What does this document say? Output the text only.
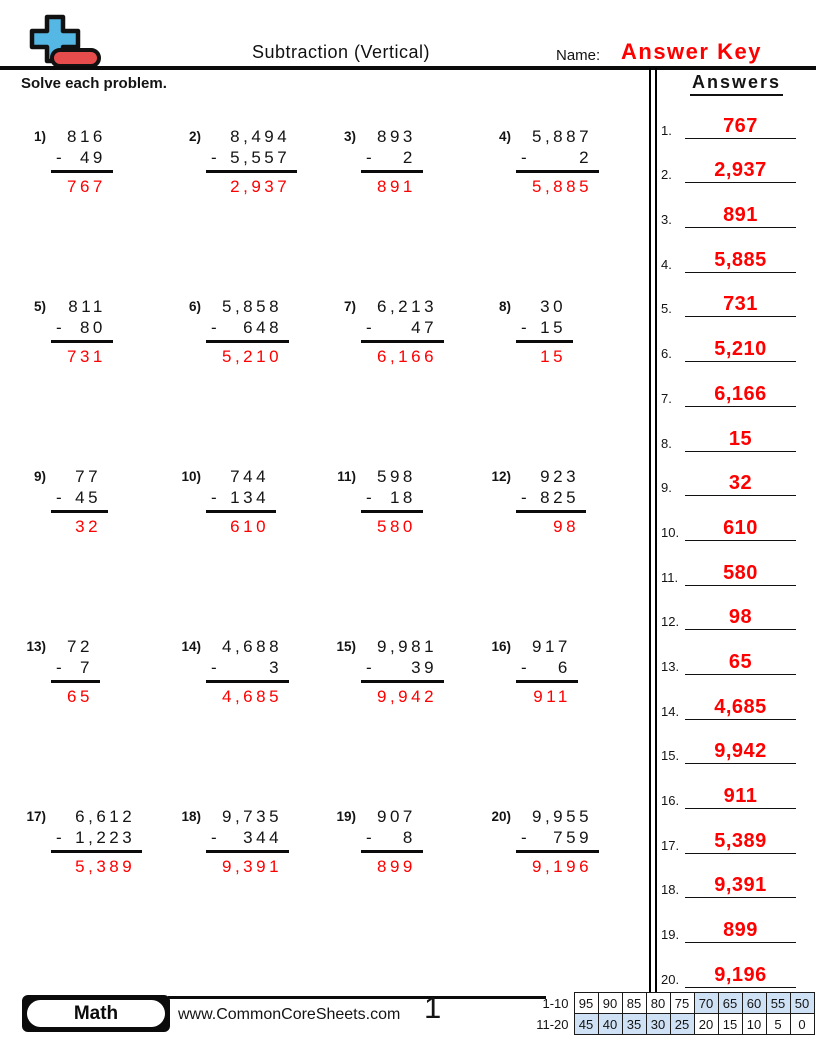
Subtraction (Vertical)	Name: Answer Key
Solve each problem.
1)	816
- 49
767
2)	8,494
- 5,557
2,937
3)	893
- 2
891
4)	5,887
-	2
5,885
5)	811
- 80
731
6)	5,858
- 648
5,210
7)	6,213
- 47
6,166
8)	30
- 15
15
9)	77
- 45
32
10)	744
- 134
610
11)	598
- 18
580
12)	923
- 825
98
13)	72
- 7
65
14)	4,688
-	3
4,685
15)	9,981
- 39
9,942
16)	917
- 6
911
17)	6,612
- 1,223
5,389
18)	9,735
- 344
9,391
19)	907
- 8
899
20)	9,955
- 759
9,196
Answers
1.	767
2.	2,937
3.	891
4.	5,885
5.	731
6.	5,210
7.	6,166
8.	15
9.	32
10.	610
11.	580
12.	98
13.	65
14.	4,685
15.	9,942
16.	911
17.	5,389
18.	9,391
19.	899
20.	9,196
Math	www.CommonCoreSheets.com 1	1-10	95	90	85	80	75	70	65	60	55	50
11-20	45	40	35	30	25	20	15	10	5	0
